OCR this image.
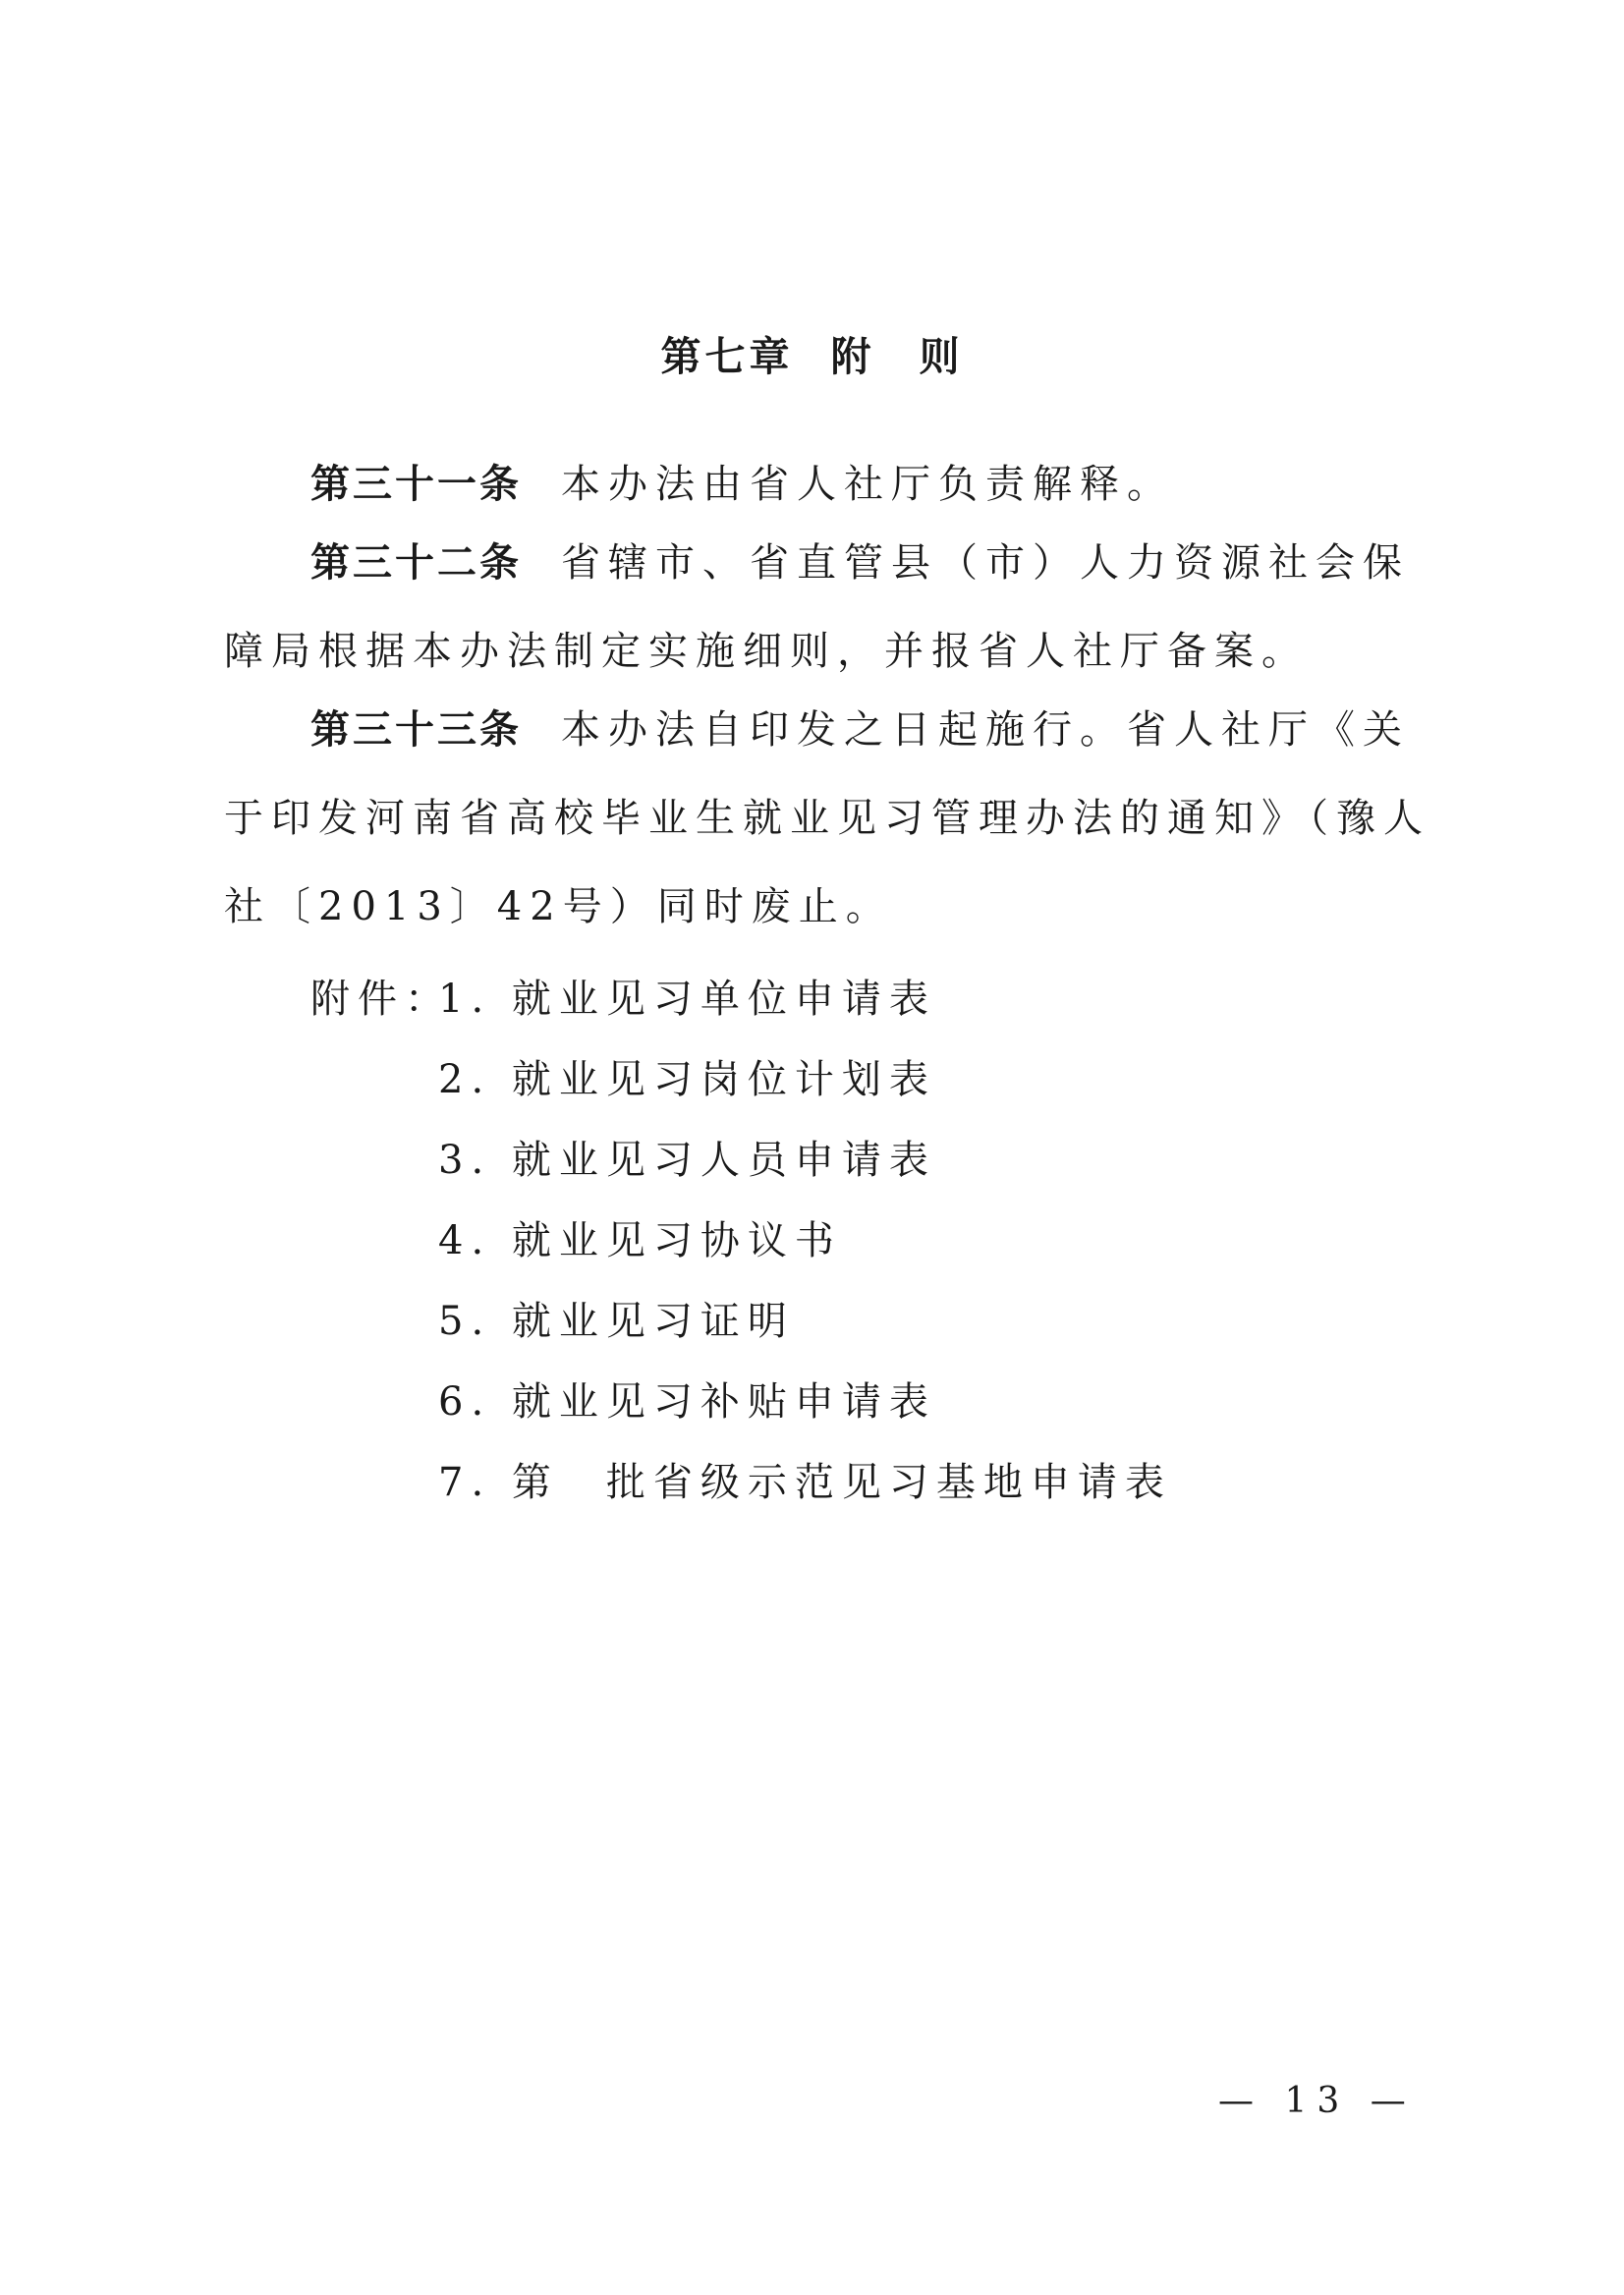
第七章 附　则

第三十一条 本办法由省人社厅负责解释。

第三十二条 省辖市、省直管县（市）人力资源社会保障局根据本办法制定实施细则，并报省人社厅备案。

第三十三条 本办法自印发之日起施行。省人社厅《关于印发河南省高校毕业生就业见习管理办法的通知》（豫人社〔2013〕42号）同时废止。

附件：1. 就业见习单位申请表
2. 就业见习岗位计划表
3. 就业见习人员申请表
4. 就业见习协议书
5. 就业见习证明
6. 就业见习补贴申请表
7. 第　批省级示范见习基地申请表
— 13 —
